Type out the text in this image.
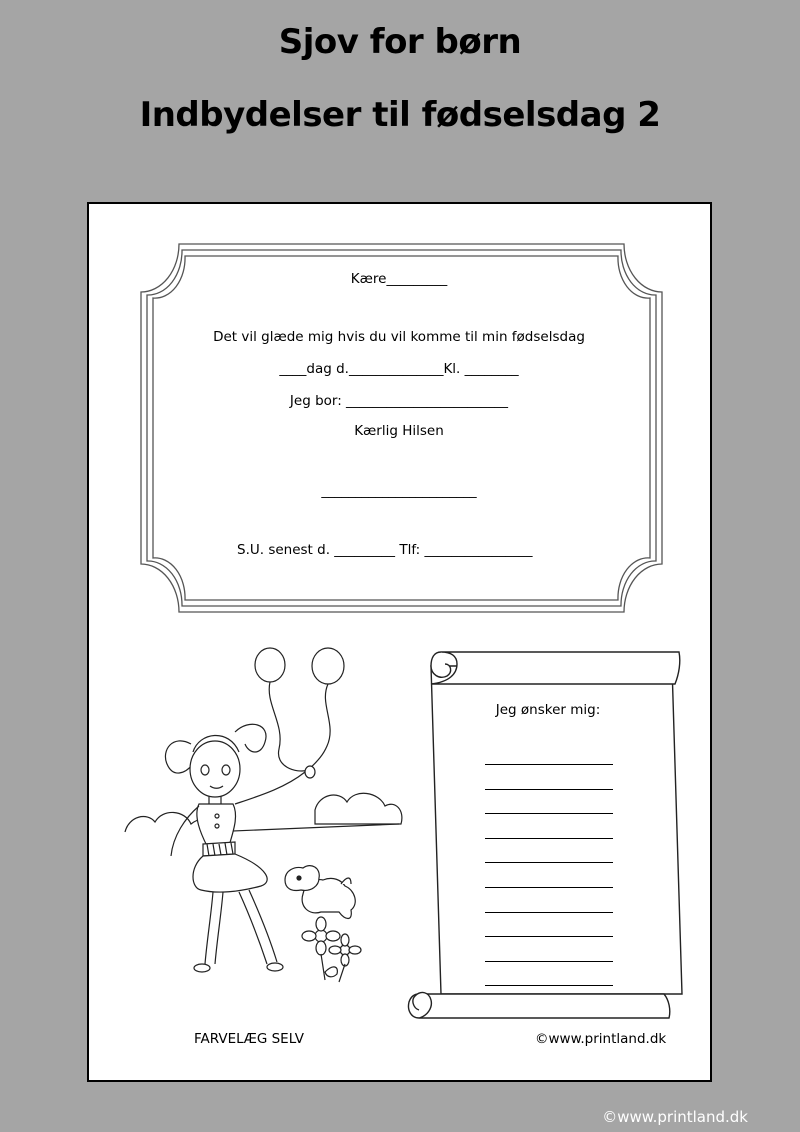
Sjov for børn
Indbydelser til fødselsdag 2
Kære_________
Det vil glæde mig hvis du vil komme til min fødselsdag
____dag d.______________Kl. ________
Jeg bor: ________________________
Kærlig Hilsen
_______________________
S.U. senest d. _________ Tlf: ________________
Jeg ønsker mig:
FARVELÆG SELV	©www.printland.dk
©www.printland.dk
